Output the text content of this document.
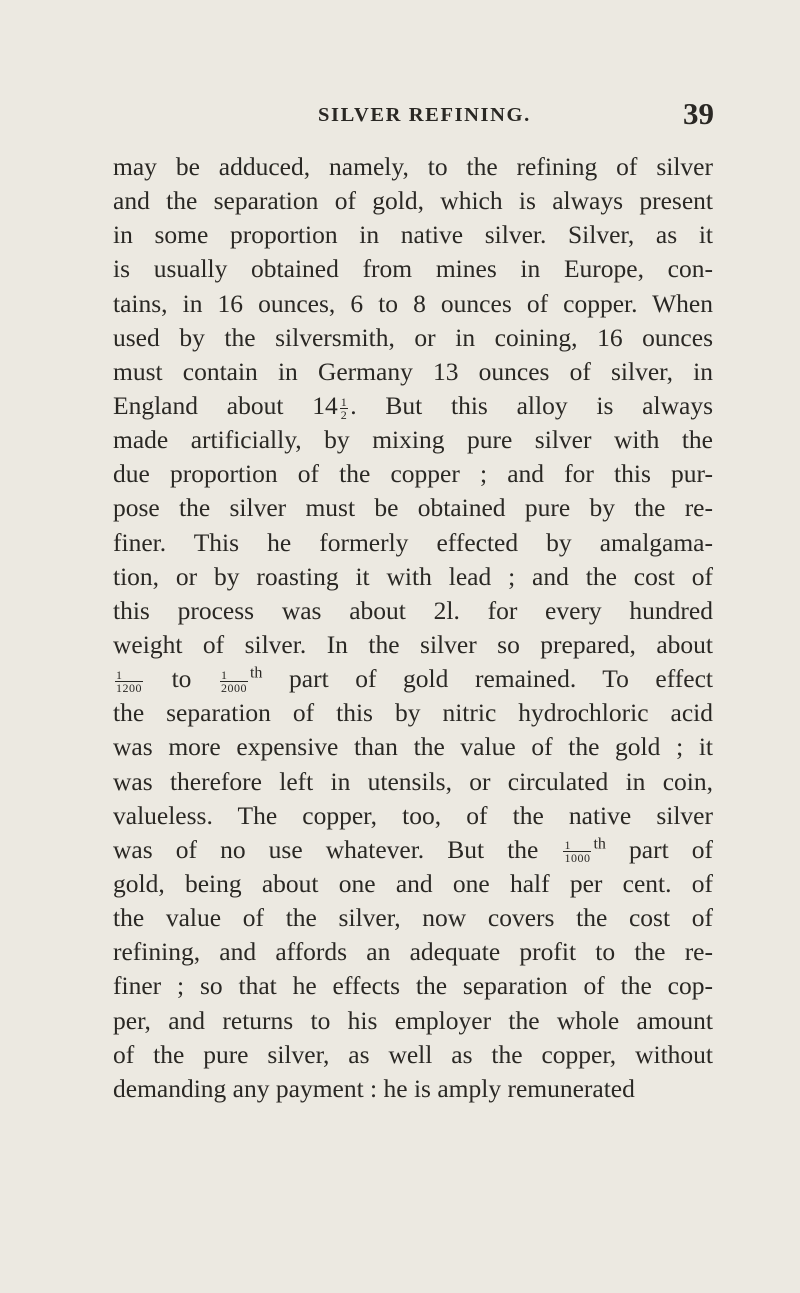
SILVER REFINING.	39
may be adduced, namely, to the refining of silver
and the separation of gold, which is always present
in some proportion in native silver. Silver, as it
is usually obtained from mines in Europe, con-
tains, in 16 ounces, 6 to 8 ounces of copper. When
used by the silversmith, or in coining, 16 ounces
must contain in Germany 13 ounces of silver, in
England about $14 \frac{1}{2}$ . But this alloy is always
made artificially, by mixing pure silver with the
due proportion of the copper ; and for this pur-
pose the silver must be obtained pure by the re-
finer. This he formerly effected by amalgama-
tion, or by roasting it with lead ; and the cost of
this process was about 2l. for every hundred
weight of silver. In the silver so prepared, about
$\frac{1}{1200}$ to $\frac{1}{2000} ^{th}$ part of gold remained. To effect
the separation of this by nitric hydrochloric acid
was more expensive than the value of the gold ; it
was therefore left in utensils, or circulated in coin,
valueless. The copper, too, of the native silver
was of no use whatever. But the $\frac{1}{1000} ^{th}$ part of
gold, being about one and one half per cent. of
the value of the silver, now covers the cost of
refining, and affords an adequate profit to the re-
finer ; so that he effects the separation of the cop-
per, and returns to his employer the whole amount
of the pure silver, as well as the copper, without
demanding any payment : he is amply remunerated
